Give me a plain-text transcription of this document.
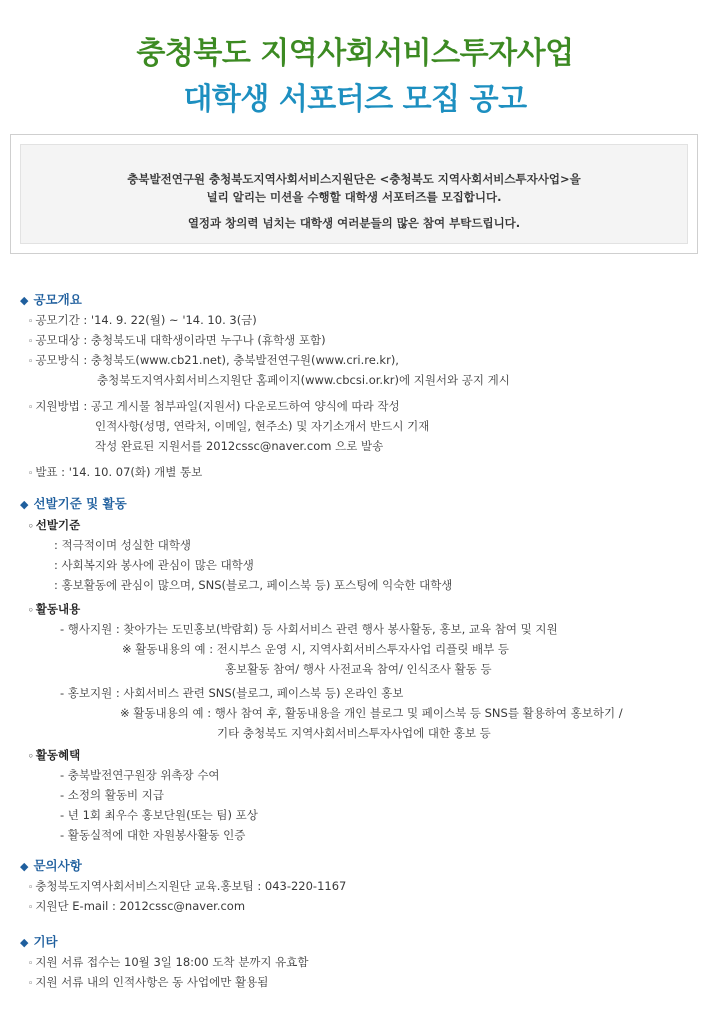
충청북도 지역사회서비스투자사업
대학생 서포터즈 모집 공고
충북발전연구원 충청북도지역사회서비스지원단은 <충청북도 지역사회서비스투자사업>을
널리 알리는 미션을 수행할 대학생 서포터즈를 모집합니다.
열정과 창의력 넘치는 대학생 여러분들의 많은 참여 부탁드립니다.
◆ 공모개요
◦ 공모기간 : '14. 9. 22(월) ~ '14. 10. 3(금)
◦ 공모대상 : 충청북도내 대학생이라면 누구나 (휴학생 포함)
◦ 공모방식 : 충청북도(www.cb21.net), 충북발전연구원(www.cri.re.kr),
충청북도지역사회서비스지원단 홈페이지(www.cbcsi.or.kr)에 지원서와 공지 게시
◦ 지원방법 : 공고 게시물 첨부파일(지원서) 다운로드하여 양식에 따라 작성
인적사항(성명, 연락처, 이메일, 현주소) 및 자기소개서 반드시 기재
작성 완료된 지원서를 2012cssc@naver.com 으로 발송
◦ 발표 : '14. 10. 07(화) 개별 통보
◆ 선발기준 및 활동
◦ 선발기준
: 적극적이며 성실한 대학생
: 사회복지와 봉사에 관심이 많은 대학생
: 홍보활동에 관심이 많으며, SNS(블로그, 페이스북 등) 포스팅에 익숙한 대학생
◦ 활동내용
- 행사지원 : 찾아가는 도민홍보(박람회) 등 사회서비스 관련 행사 봉사활동, 홍보, 교육 참여 및 지원
※ 활동내용의 예 : 전시부스 운영 시, 지역사회서비스투자사업 리플릿 배부 등
홍보활동 참여/ 행사 사전교육 참여/ 인식조사 활동 등
- 홍보지원 : 사회서비스 관련 SNS(블로그, 페이스북 등) 온라인 홍보
※ 활동내용의 예 : 행사 참여 후, 활동내용을 개인 블로그 및 페이스북 등 SNS를 활용하여 홍보하기 /
기타 충청북도 지역사회서비스투자사업에 대한 홍보 등
◦ 활동혜택
- 충북발전연구원장 위촉장 수여
- 소정의 활동비 지급
- 년 1회 최우수 홍보단원(또는 팀) 포상
- 활동실적에 대한 자원봉사활동 인증
◆ 문의사항
◦ 충청북도지역사회서비스지원단 교육.홍보팀 : 043-220-1167
◦ 지원단 E-mail : 2012cssc@naver.com
◆ 기타
◦ 지원 서류 접수는 10월 3일 18:00 도착 분까지 유효함
◦ 지원 서류 내의 인적사항은 동 사업에만 활용됨
